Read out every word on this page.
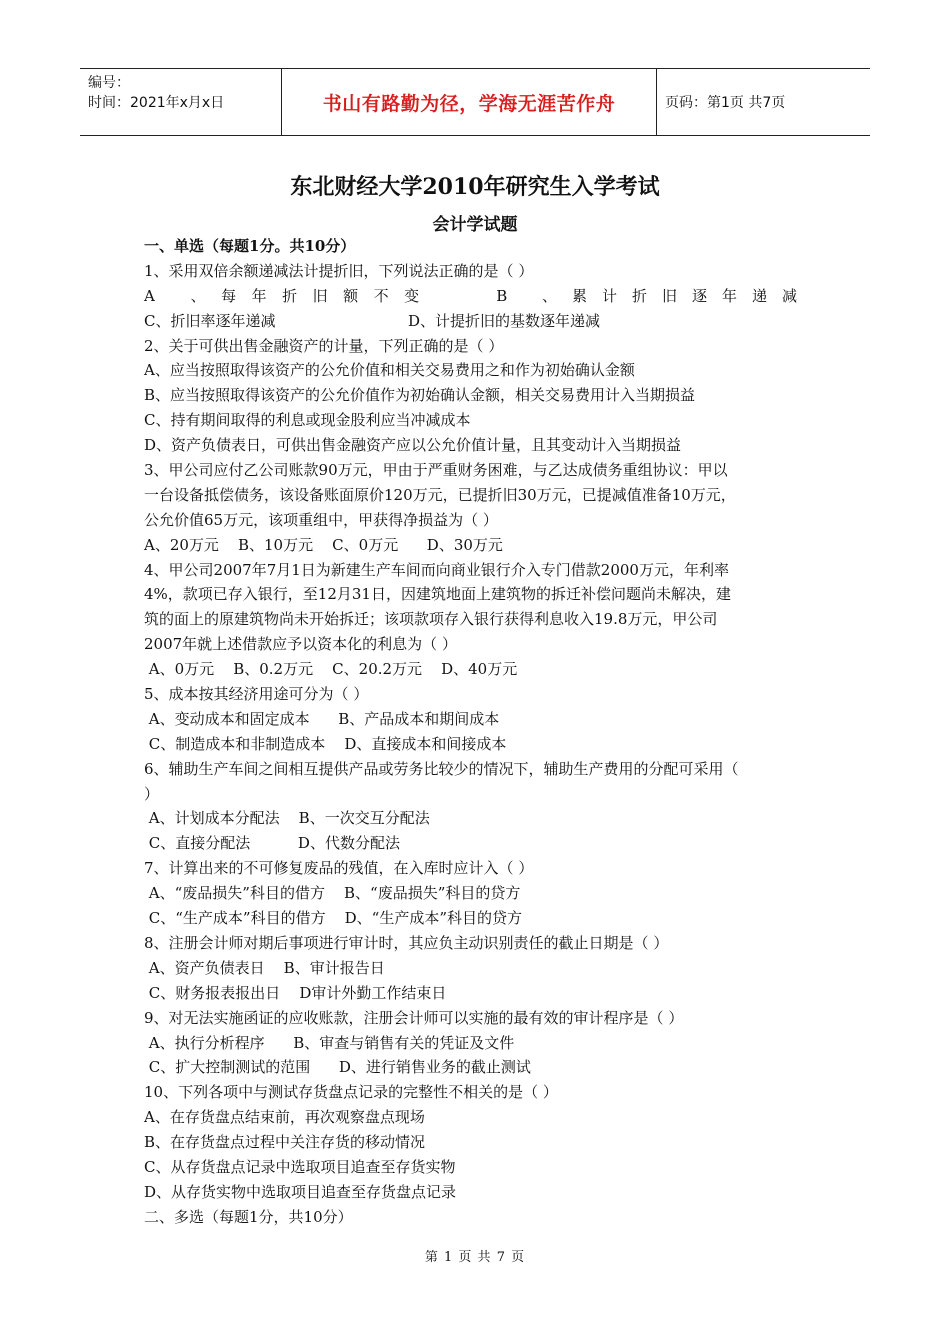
编号：
时间：2021年x月x日	书山有路勤为径，学海无涯苦作舟	页码：第1页 共7页
东北财经大学2010年研究生入学考试
会计学试题
一、单选（每题1分。共10分）
1、采用双倍余额递减法计提折旧，下列说法正确的是（ ）
A 、每年折旧额不变	B 、累计折旧逐年递减
C、折旧率逐年递减	D、计提折旧的基数逐年递减
2、关于可供出售金融资产的计量，下列正确的是（ ）
A、应当按照取得该资产的公允价值和相关交易费用之和作为初始确认金额
B、应当按照取得该资产的公允价值作为初始确认金额，相关交易费用计入当期损益
C、持有期间取得的利息或现金股利应当冲减成本
D、资产负债表日，可供出售金融资产应以公允价值计量，且其变动计入当期损益
3、甲公司应付乙公司账款90万元，甲由于严重财务困难，与乙达成债务重组协议：甲以
一台设备抵偿债务，该设备账面原价120万元，已提折旧30万元，已提减值准备10万元，
公允价值65万元，该项重组中，甲获得净损益为（ ）
A、20万元    B、10万元    C、0万元      D、30万元
4、甲公司2007年7月1日为新建生产车间而向商业银行介入专门借款2000万元，年利率
4%，款项已存入银行，至12月31日，因建筑地面上建筑物的拆迁补偿问题尚未解决，建
筑的面上的原建筑物尚未开始拆迁；该项款项存入银行获得利息收入19.8万元，甲公司
2007年就上述借款应予以资本化的利息为（ ）
A、0万元    B、0.2万元    C、20.2万元    D、40万元
5、成本按其经济用途可分为（ ）
A、变动成本和固定成本      B、产品成本和期间成本
C、制造成本和非制造成本    D、直接成本和间接成本
6、辅助生产车间之间相互提供产品或劳务比较少的情况下，辅助生产费用的分配可采用（
）
A、计划成本分配法    B、一次交互分配法
C、直接分配法          D、代数分配法
7、计算出来的不可修复废品的残值，在入库时应计入（ ）
A、“废品损失”科目的借方    B、“废品损失”科目的贷方
C、“生产成本”科目的借方    D、“生产成本”科目的贷方
8、注册会计师对期后事项进行审计时，其应负主动识别责任的截止日期是（ ）
A、资产负债表日    B、审计报告日
C、财务报表报出日    D审计外勤工作结束日
9、对无法实施函证的应收账款，注册会计师可以实施的最有效的审计程序是（ ）
A、执行分析程序      B、审查与销售有关的凭证及文件
C、扩大控制测试的范围      D、进行销售业务的截止测试
10、下列各项中与测试存货盘点记录的完整性不相关的是（ ）
A、在存货盘点结束前，再次观察盘点现场
B、在存货盘点过程中关注存货的移动情况
C、从存货盘点记录中选取项目追查至存货实物
D、从存货实物中选取项目追查至存货盘点记录
二、多选（每题1分，共10分）
第 1 页 共 7 页
